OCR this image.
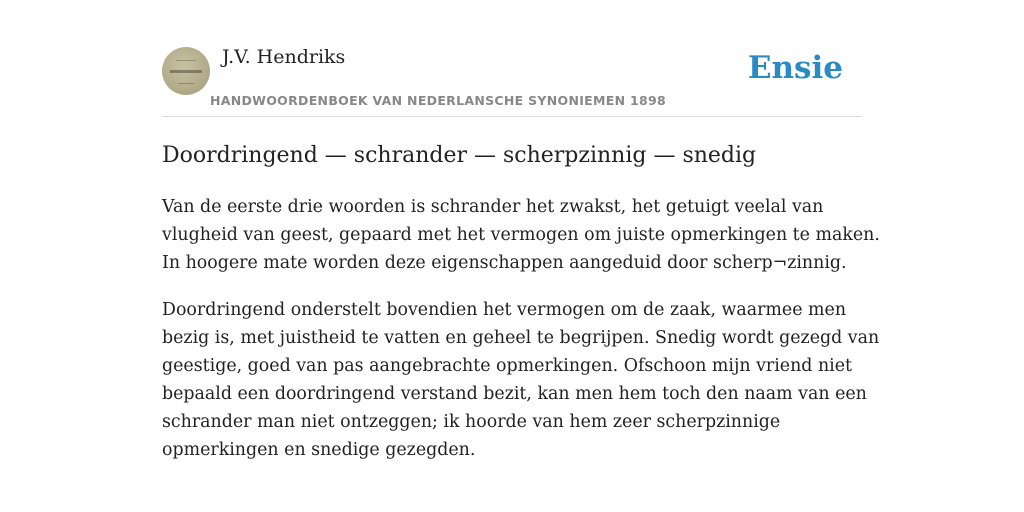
J.V. Hendriks
HANDWOORDENBOEK VAN NEDERLANSCHE SYNONIEMEN 1898
Ensie
Doordringend — schrander — scherpzinnig — snedig

Van de eerste drie woorden is schrander het zwakst, het getuigt veelal van
vlugheid van geest, gepaard met het vermogen om juiste opmerkingen te maken.
In hoogere mate worden deze eigenschappen aangeduid door scherp¬zinnig.

Doordringend onderstelt bovendien het vermogen om de zaak, waarmee men
bezig is, met juistheid te vatten en geheel te begrijpen. Snedig wordt gezegd van
geestige, goed van pas aangebrachte opmerkingen. Ofschoon mijn vriend niet
bepaald een doordringend verstand bezit, kan men hem toch den naam van een
schrander man niet ontzeggen; ik hoorde van hem zeer scherpzinnige
opmerkingen en snedige gezegden.
